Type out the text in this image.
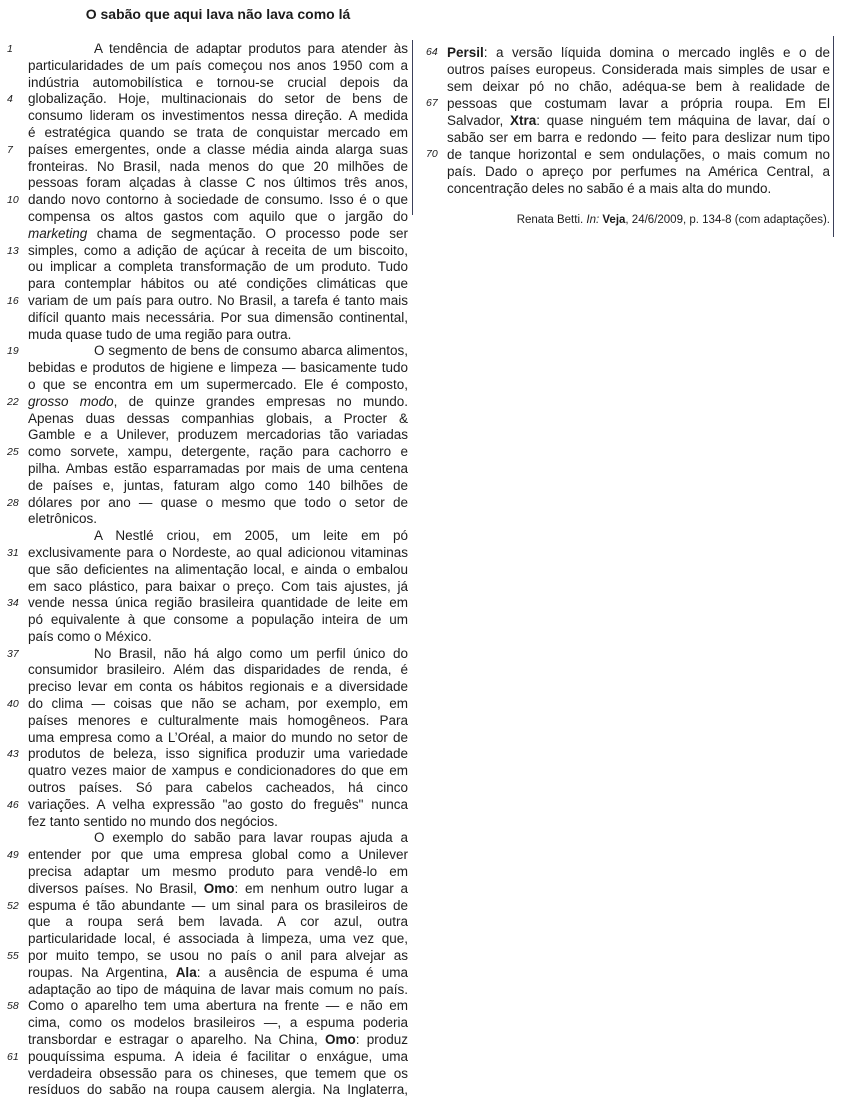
O sabão que aqui lava não lava como lá
1	A tendência de adaptar produtos para atender às
particularidades de um país começou nos anos 1950 com a
indústria automobilística e tornou-se crucial depois da
4	globalização. Hoje, multinacionais do setor de bens de
consumo lideram os investimentos nessa direção. A medida
é estratégica quando se trata de conquistar mercado em
7	países emergentes, onde a classe média ainda alarga suas
fronteiras. No Brasil, nada menos do que 20 milhões de
pessoas foram alçadas à classe C nos últimos três anos,
10 dando novo contorno à sociedade de consumo. Isso é o que
compensa os altos gastos com aquilo que o jargão do
marketing chama de segmentação. O processo pode ser
13 simples, como a adição de açúcar à receita de um biscoito,
ou implicar a completa transformação de um produto. Tudo
para contemplar hábitos ou até condições climáticas que
16 variam de um país para outro. No Brasil, a tarefa é tanto mais
difícil quanto mais necessária. Por sua dimensão continental,
muda quase tudo de uma região para outra.
19	O segmento de bens de consumo abarca alimentos,
bebidas e produtos de higiene e limpeza — basicamente tudo
o que se encontra em um supermercado. Ele é composto,
22 grosso modo, de quinze grandes empresas no mundo.
Apenas duas dessas companhias globais, a Procter &
Gamble e a Unilever, produzem mercadorias tão variadas
25 como sorvete, xampu, detergente, ração para cachorro e
pilha. Ambas estão esparramadas por mais de uma centena
de países e, juntas, faturam algo como 140 bilhões de
28 dólares por ano — quase o mesmo que todo o setor de
eletrônicos.
A Nestlé criou, em 2005, um leite em pó
31 exclusivamente para o Nordeste, ao qual adicionou vitaminas
que são deficientes na alimentação local, e ainda o embalou
em saco plástico, para baixar o preço. Com tais ajustes, já
34 vende nessa única região brasileira quantidade de leite em
pó equivalente à que consome a população inteira de um
país como o México.
37	No Brasil, não há algo como um perfil único do
consumidor brasileiro. Além das disparidades de renda, é
preciso levar em conta os hábitos regionais e a diversidade
40 do clima — coisas que não se acham, por exemplo, em
países menores e culturalmente mais homogêneos. Para
uma empresa como a L’Oréal, a maior do mundo no setor de
43 produtos de beleza, isso significa produzir uma variedade
quatro vezes maior de xampus e condicionadores do que em
outros países. Só para cabelos cacheados, há cinco
46 variações. A velha expressão "ao gosto do freguês" nunca
fez tanto sentido no mundo dos negócios.
O exemplo do sabão para lavar roupas ajuda a
49 entender por que uma empresa global como a Unilever
precisa adaptar um mesmo produto para vendê-lo em
diversos países. No Brasil, Omo: em nenhum outro lugar a
52 espuma é tão abundante — um sinal para os brasileiros de
que a roupa será bem lavada. A cor azul, outra
particularidade local, é associada à limpeza, uma vez que,
55 por muito tempo, se usou no país o anil para alvejar as
roupas. Na Argentina, Ala: a ausência de espuma é uma
adaptação ao tipo de máquina de lavar mais comum no país.
58 Como o aparelho tem uma abertura na frente — e não em
cima, como os modelos brasileiros —, a espuma poderia
transbordar e estragar o aparelho. Na China, Omo: produz
61 pouquíssima espuma. A ideia é facilitar o enxágue, uma
verdadeira obsessão para os chineses, que temem que os
resíduos do sabão na roupa causem alergia. Na Inglaterra,
64 Persil: a versão líquida domina o mercado inglês e o de
outros países europeus. Considerada mais simples de usar e
sem deixar pó no chão, adéqua-se bem à realidade de
67 pessoas que costumam lavar a própria roupa. Em El
Salvador, Xtra: quase ninguém tem máquina de lavar, daí o
sabão ser em barra e redondo — feito para deslizar num tipo
70 de tanque horizontal e sem ondulações, o mais comum no
país. Dado o apreço por perfumes na América Central, a
concentração deles no sabão é a mais alta do mundo.
Renata Betti. In: Veja, 24/6/2009, p. 134-8 (com adaptações).
